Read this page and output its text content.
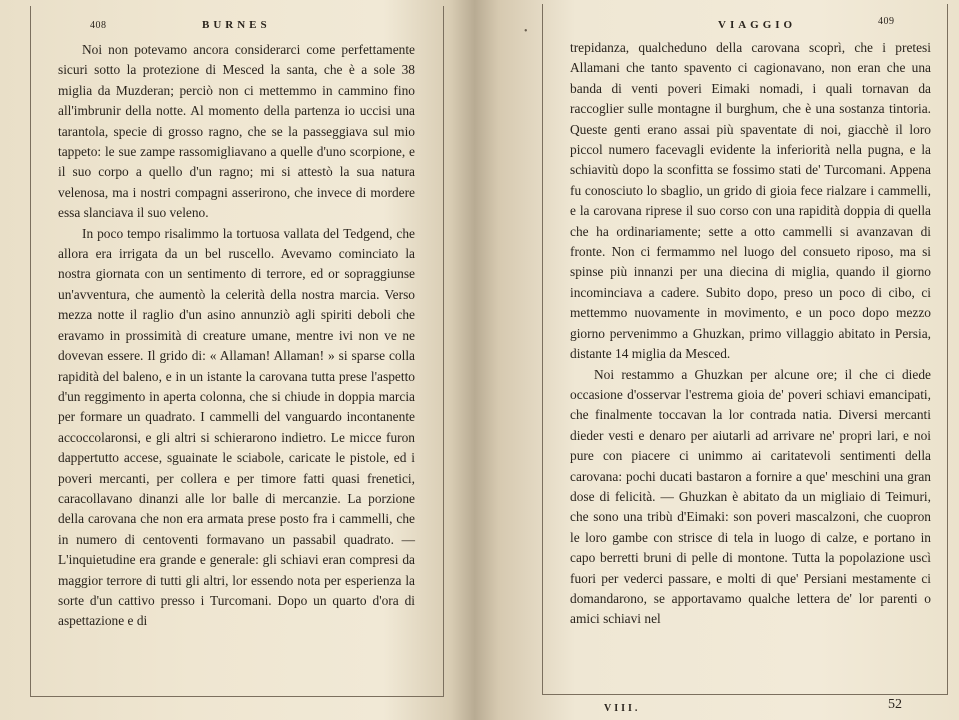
408	BURNES

Noi non potevamo ancora considerarci come perfettamente sicuri sotto la protezione di Mesced la santa, che è a sole 38 miglia da Muzderan; perciò non ci mettemmo in cammino fino all'imbrunir della notte. Al momento della partenza io uccisi una tarantola, specie di grosso ragno, che se la passeggiava sul mio tappeto: le sue zampe rassomigliavano a quelle d'uno scorpione, e il suo corpo a quello d'un ragno; mi si attestò la sua natura velenosa, ma i nostri compagni asserirono, che invece di mordere essa slanciava il suo veleno.

In poco tempo risalimmo la tortuosa vallata del Tedgend, che allora era irrigata da un bel ruscello. Avevamo cominciato la nostra giornata con un sentimento di terrore, ed or sopraggiunse un'avventura, che aumentò la celerità della nostra marcia. Verso mezza notte il raglio d'un asino annunziò agli spiriti deboli che eravamo in prossimità di creature umane, mentre ivi non ve ne dovevan essere. Il grido di: « Allaman! Allaman! » si sparse colla rapidità del baleno, e in un istante la carovana tutta prese l'aspetto d'un reggimento in aperta colonna, che si chiude in doppia marcia per formare un quadrato. I cammelli del vanguardo incontanente accoccolaronsi, e gli altri si schierarono indietro. Le micce furon dappertutto accese, sguainate le sciabole, caricate le pistole, ed i poveri mercanti, per collera e per timore fatti quasi frenetici, caracollavano dinanzi alle lor balle di mercanzie. La porzione della carovana che non era armata prese posto fra i cammelli, che in numero di centoventi formavano un passabil quadrato. — L'inquietudine era grande e generale: gli schiavi eran compresi da maggior terrore di tutti gli altri, lor essendo nota per esperienza la sorte d'un cattivo presso i Turcomani. Dopo un quarto d'ora di aspettazione e di

•
VIAGGIO	409

trepidanza, qualcheduno della carovana scoprì, che i pretesi Allamani che tanto spavento ci cagionavano, non eran che una banda di venti poveri Eimaki nomadi, i quali tornavan da raccoglier sulle montagne il burghum, che è una sostanza tintoria. Queste genti erano assai più spaventate di noi, giacchè il loro piccol numero facevagli evidente la inferiorità nella pugna, e la schiavitù dopo la sconfitta se fossimo stati de' Turcomani. Appena fu conosciuto lo sbaglio, un grido di gioia fece rialzare i cammelli, e la carovana riprese il suo corso con una rapidità doppia di quella che ha ordinariamente; sette a otto cammelli si avanzavan di fronte. Non ci fermammo nel luogo del consueto riposo, ma si spinse più innanzi per una diecina di miglia, quando il giorno incominciava a cadere. Subito dopo, preso un poco di cibo, ci mettemmo nuovamente in movimento, e un poco dopo mezzo giorno pervenimmo a Ghuzkan, primo villaggio abitato in Persia, distante 14 miglia da Mesced.

Noi restammo a Ghuzkan per alcune ore; il che ci diede occasione d'osservar l'estrema gioia de' poveri schiavi emancipati, che finalmente toccavan la lor contrada natia. Diversi mercanti dieder vesti e denaro per aiutarli ad arrivare ne' propri lari, e noi pure con piacere ci unimmo ai caritatevoli sentimenti della carovana: pochi ducati bastaron a fornire a que' meschini una gran dose di felicità. — Ghuzkan è abitato da un migliaio di Teimuri, che sono una tribù d'Eimaki: son poveri mascalzoni, che cuopron le loro gambe con strisce di tela in luogo di calze, e portano in capo berretti bruni di pelle di montone. Tutta la popolazione uscì fuori per vederci passare, e molti di que' Persiani mestamente ci domandarono, se apportavamo qualche lettera de' lor parenti o amici schiavi nel

VIII.	52
